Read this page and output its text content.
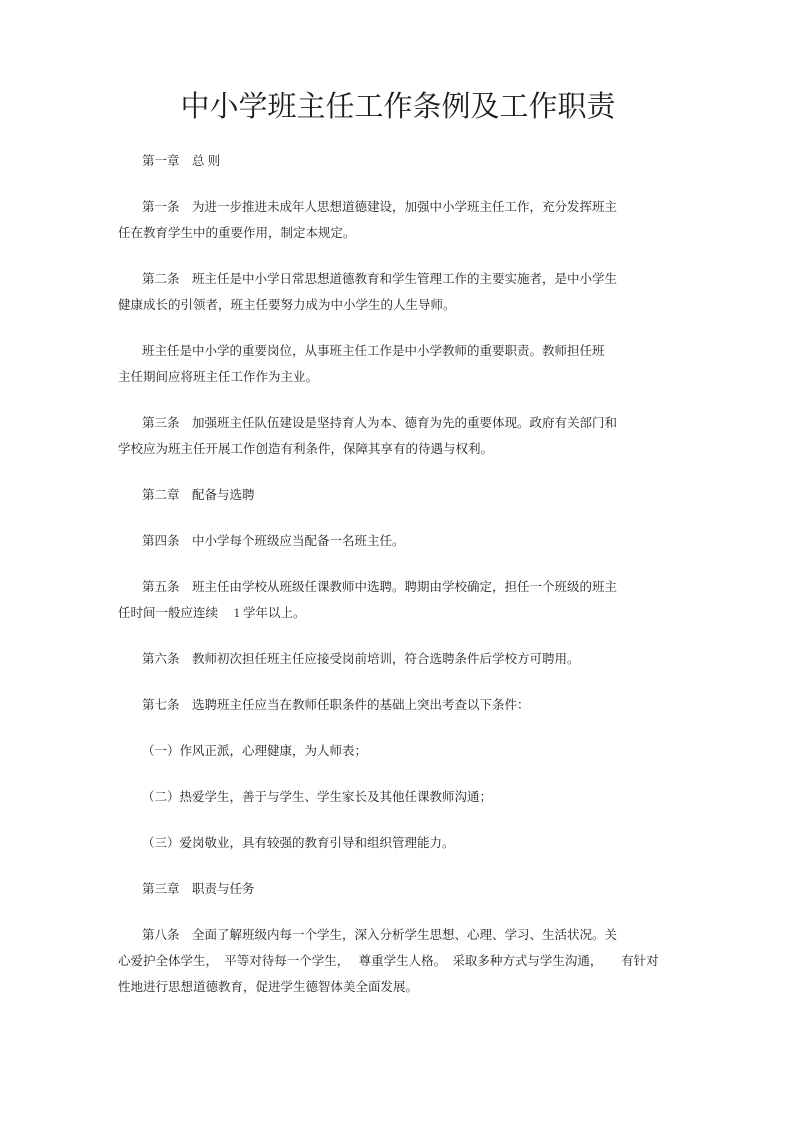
中小学班主任工作条例及工作职责
第一章　总 则
第一条　为进一步推进未成年人思想道德建设，加强中小学班主任工作，充分发挥班主
任在教育学生中的重要作用，制定本规定。
第二条　班主任是中小学日常思想道德教育和学生管理工作的主要实施者，是中小学生
健康成长的引领者，班主任要努力成为中小学生的人生导师。
班主任是中小学的重要岗位，从事班主任工作是中小学教师的重要职责。教师担任班
主任期间应将班主任工作作为主业。
第三条　加强班主任队伍建设是坚持育人为本、德育为先的重要体现。政府有关部门和
学校应为班主任开展工作创造有利条件，保障其享有的待遇与权利。
第二章　配备与选聘
第四条　中小学每个班级应当配备一名班主任。
第五条　班主任由学校从班级任课教师中选聘。聘期由学校确定，担任一个班级的班主
任时间一般应连续　 1 学年以上。
第六条　教师初次担任班主任应接受岗前培训，符合选聘条件后学校方可聘用。
第七条　选聘班主任应当在教师任职条件的基础上突出考查以下条件：
（一）作风正派，心理健康，为人师表；
（二）热爱学生，善于与学生、学生家长及其他任课教师沟通；
（三）爱岗敬业，具有较强的教育引导和组织管理能力。
第三章　职责与任务
第八条　全面了解班级内每一个学生，深入分析学生思想、心理、学习、生活状况。关
心爱护全体学生，　平等对待每一个学生，　 尊重学生人格。　采取多种方式与学生沟通，　　有针对
性地进行思想道德教育，促进学生德智体美全面发展。
